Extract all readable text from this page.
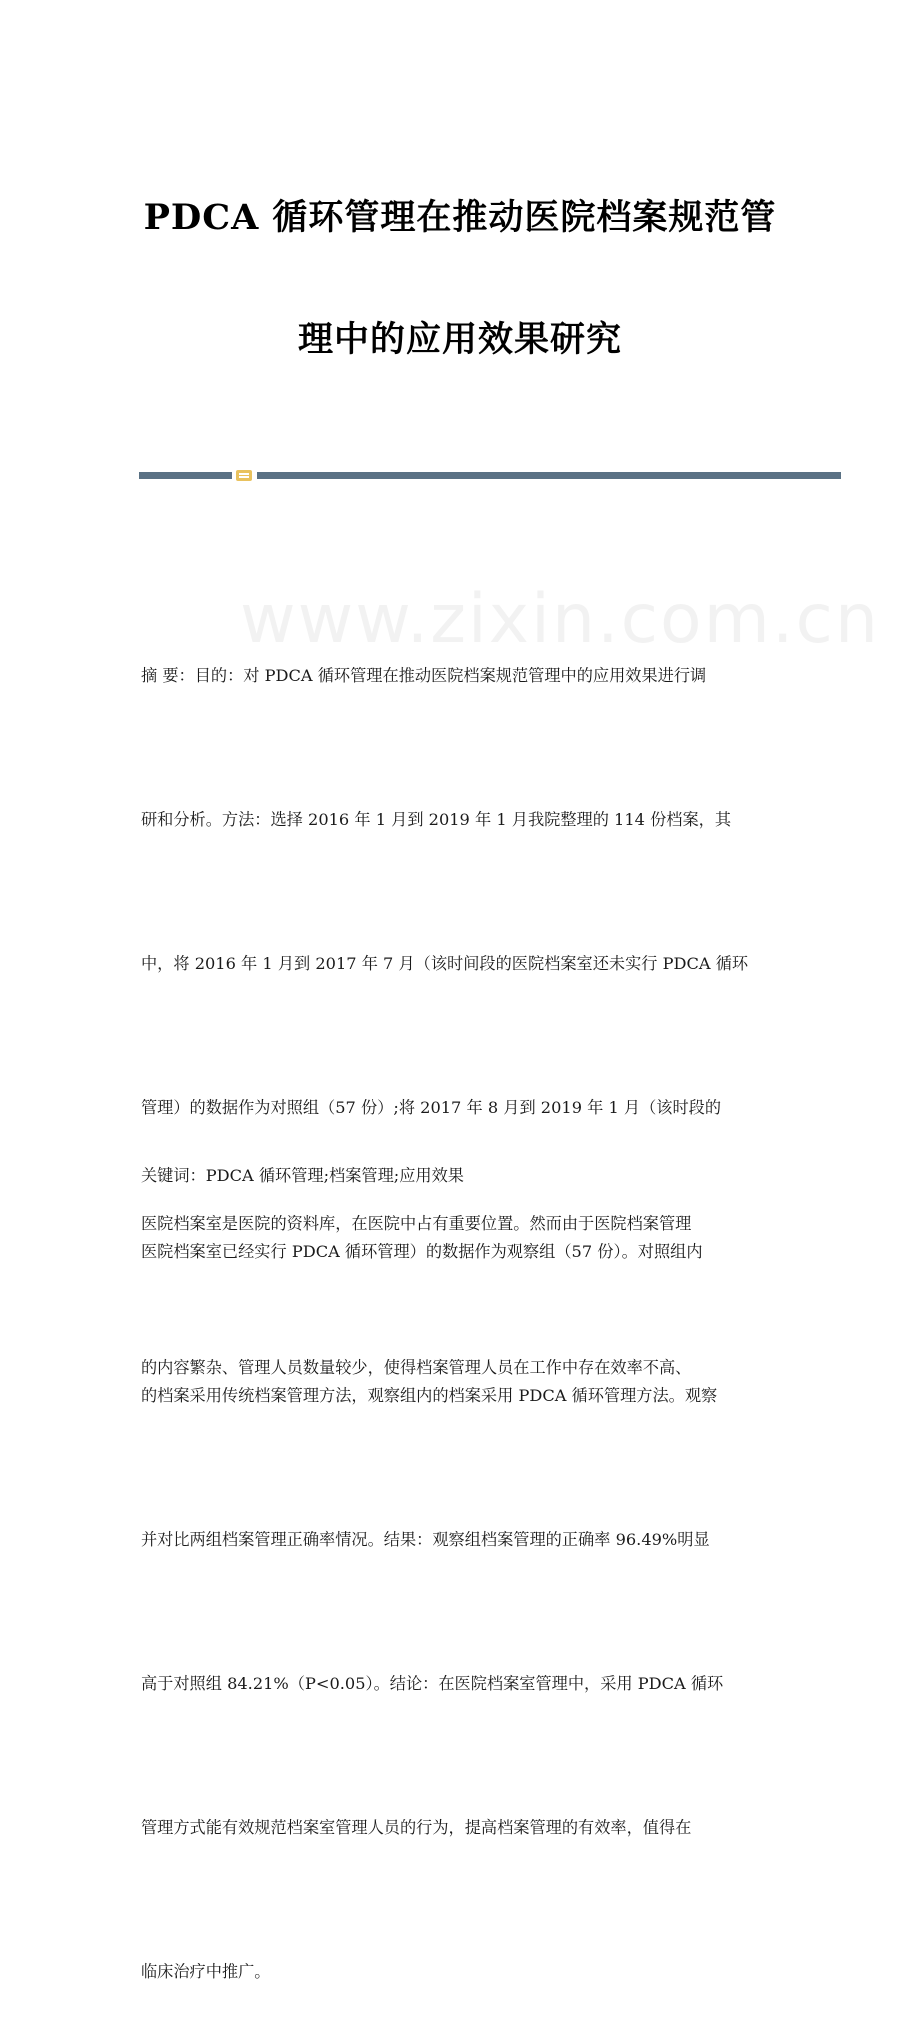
www.zixin.com.cn
PDCA 循环管理在推动医院档案规范管
理中的应用效果研究

摘 要：目的：对 PDCA 循环管理在推动医院档案规范管理中的应用效果进行调

研和分析。方法：选择 2016 年 1 月到 2019 年 1 月我院整理的 114 份档案，其

中，将 2016 年 1 月到 2017 年 7 月（该时间段的医院档案室还未实行 PDCA 循环

管理）的数据作为对照组（57 份）;将 2017 年 8 月到 2019 年 1 月（该时段的

医院档案室已经实行 PDCA 循环管理）的数据作为观察组（57 份）。对照组内

的档案采用传统档案管理方法，观察组内的档案采用 PDCA 循环管理方法。观察

并对比两组档案管理正确率情况。结果：观察组档案管理的正确率 96.49%明显

高于对照组 84.21%（P<0.05）。结论：在医院档案室管理中，采用 PDCA 循环

管理方式能有效规范档案室管理人员的行为，提高档案管理的有效率，值得在

临床治疗中推广。

关键词：PDCA 循环管理;档案管理;应用效果

医院档案室是医院的资料库，在医院中占有重要位置。然而由于医院档案管理

的内容繁杂、管理人员数量较少，使得档案管理人员在工作中存在效率不高、
